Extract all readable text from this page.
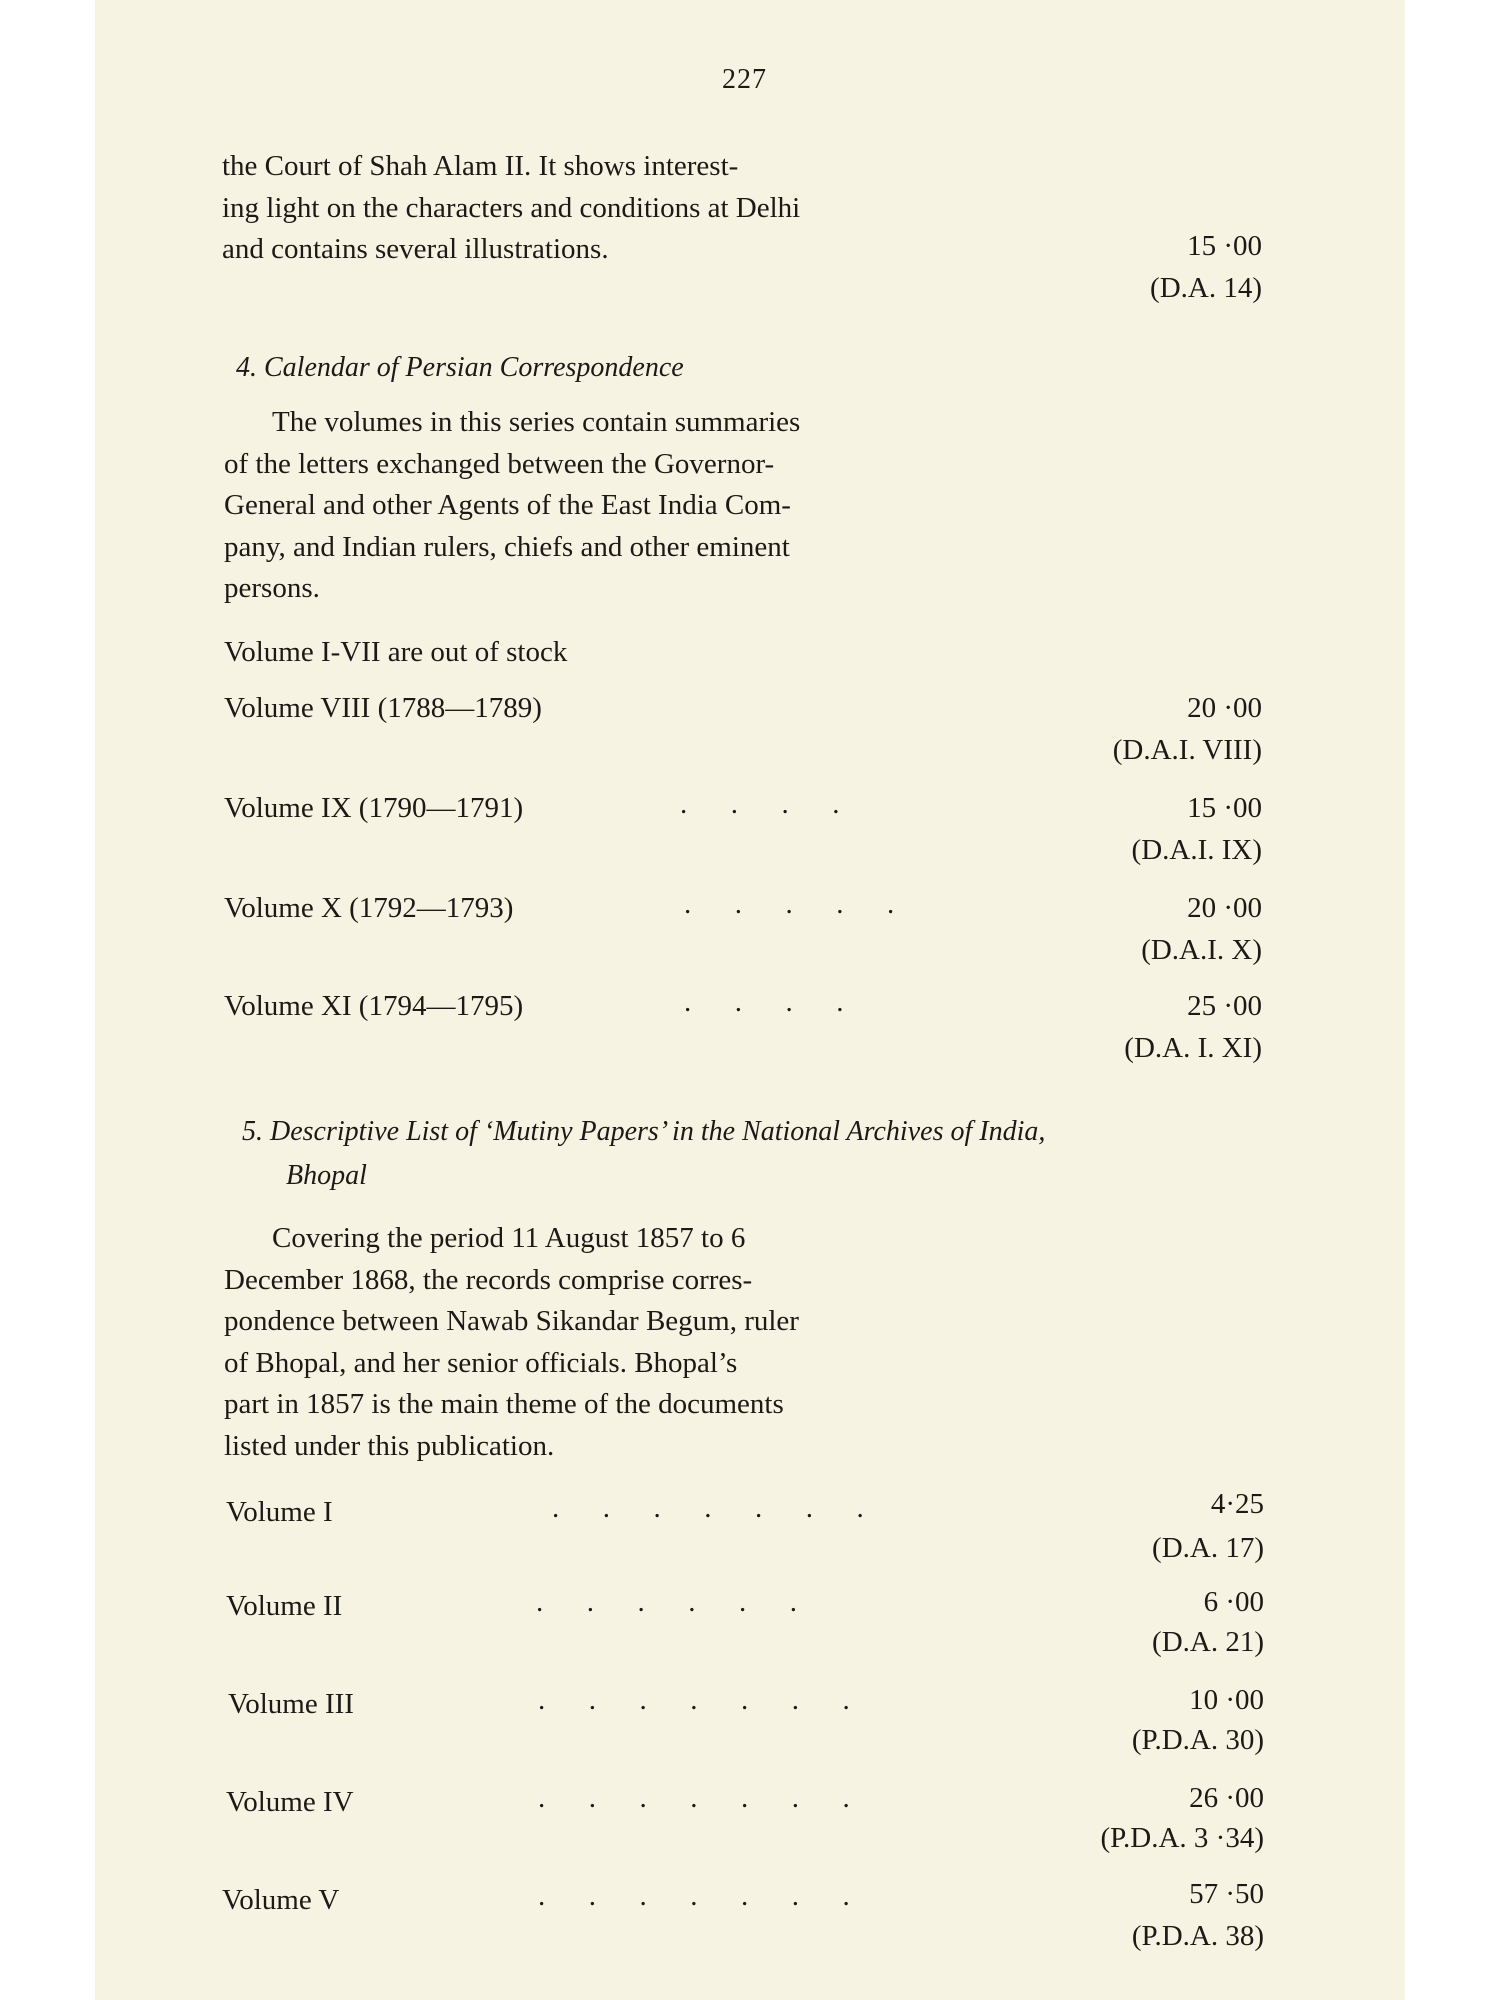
227
the Court of Shah Alam II. It shows interest-
ing light on the characters and conditions at Delhi
and contains several illustrations.	15 ·00
(D.A. 14)
4. Calendar of Persian Correspondence
The volumes in this series contain summaries
of the letters exchanged between the Governor-
General and other Agents of the East India Com-
pany, and Indian rulers, chiefs and other eminent
persons.
Volume I-VII are out of stock
Volume VIII (1788—1789)	20 ·00
(D.A.I. VIII)
Volume IX (1790—1791)	.      .      .      .	15 ·00
(D.A.I. IX)
Volume X (1792—1793)	.      .      .      .      .	20 ·00
(D.A.I. X)
Volume XI (1794—1795)	.      .      .      .	25 ·00
(D.A. I. XI)
5. Descriptive List of ‘Mutiny Papers’ in the National Archives of India,
Bhopal
Covering the period 11 August 1857 to 6
December 1868, the records comprise corres-
pondence between Nawab Sikandar Begum, ruler
of Bhopal, and her senior officials. Bhopal’s
part in 1857 is the main theme of the documents
listed under this publication.
Volume I	.      .      .      .      .      .      .	4·25
(D.A. 17)
Volume II	.      .      .      .      .      .	6 ·00
(D.A. 21)
Volume III	.      .      .      .      .      .      .	10 ·00
(P.D.A. 30)
Volume IV	.      .      .      .      .      .      .	26 ·00
(P.D.A. 3 ·34)
Volume V	.      .      .      .      .      .      .	57 ·50
(P.D.A. 38)
